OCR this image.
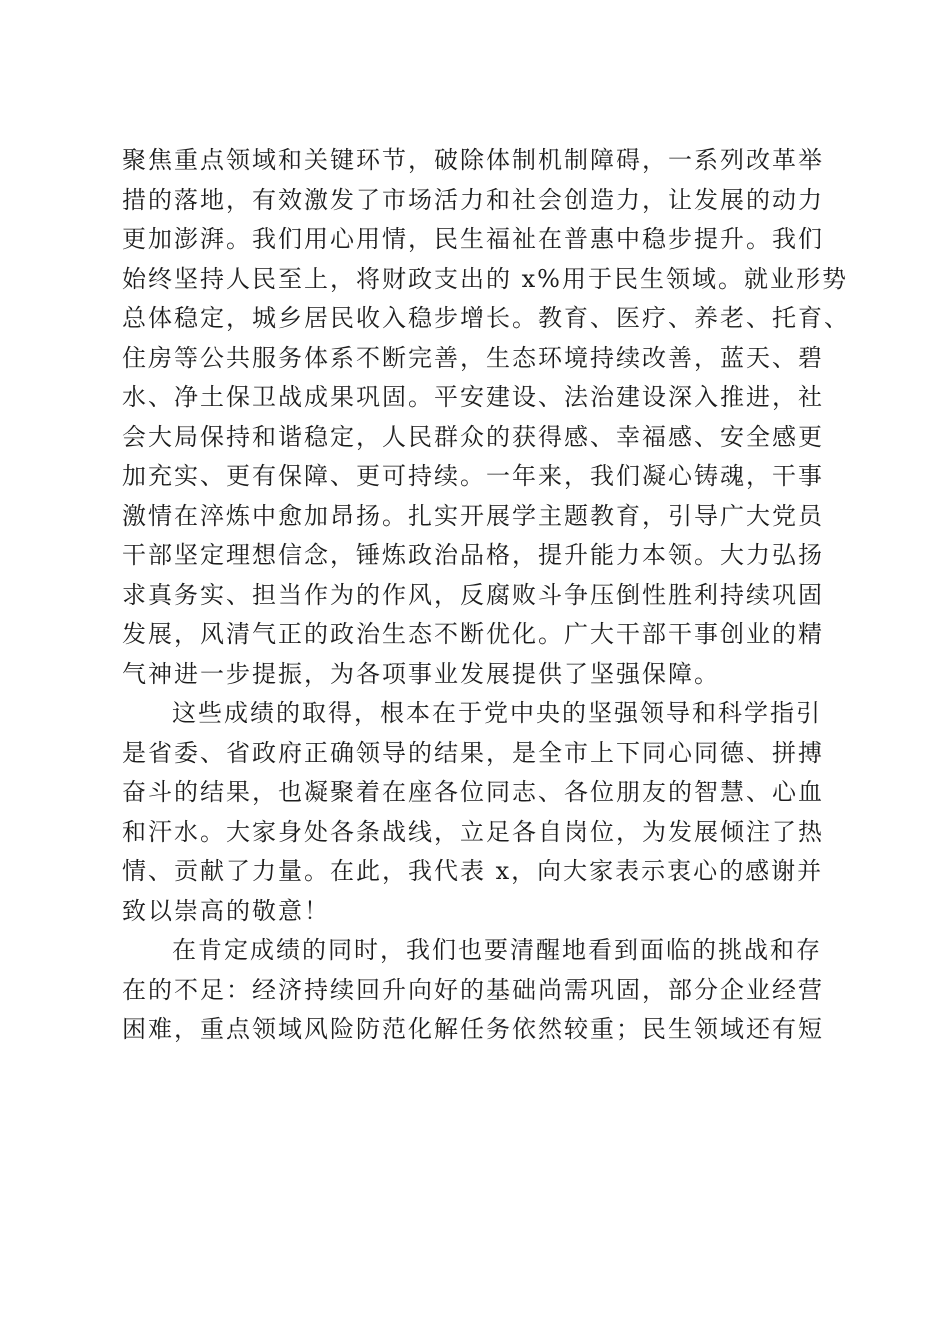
聚焦重点领域和关键环节，破除体制机制障碍，一系列改革举
措的落地，有效激发了市场活力和社会创造力，让发展的动力
更加澎湃。我们用心用情，民生福祉在普惠中稳步提升。我们
始终坚持人民至上，将财政支出的 x%用于民生领域。就业形势
总体稳定，城乡居民收入稳步增长。教育、医疗、养老、托育、
住房等公共服务体系不断完善，生态环境持续改善，蓝天、碧
水、净土保卫战成果巩固。平安建设、法治建设深入推进，社
会大局保持和谐稳定，人民群众的获得感、幸福感、安全感更
加充实、更有保障、更可持续。一年来，我们凝心铸魂，干事
激情在淬炼中愈加昂扬。扎实开展学主题教育，引导广大党员
干部坚定理想信念，锤炼政治品格，提升能力本领。大力弘扬
求真务实、担当作为的作风，反腐败斗争压倒性胜利持续巩固
发展，风清气正的政治生态不断优化。广大干部干事创业的精
气神进一步提振，为各项事业发展提供了坚强保障。
这些成绩的取得，根本在于党中央的坚强领导和科学指引
是省委、省政府正确领导的结果，是全市上下同心同德、拼搏
奋斗的结果，也凝聚着在座各位同志、各位朋友的智慧、心血
和汗水。大家身处各条战线，立足各自岗位，为发展倾注了热
情、贡献了力量。在此，我代表 x，向大家表示衷心的感谢并
致以崇高的敬意！
在肯定成绩的同时，我们也要清醒地看到面临的挑战和存
在的不足：经济持续回升向好的基础尚需巩固，部分企业经营
困难，重点领域风险防范化解任务依然较重；民生领域还有短
